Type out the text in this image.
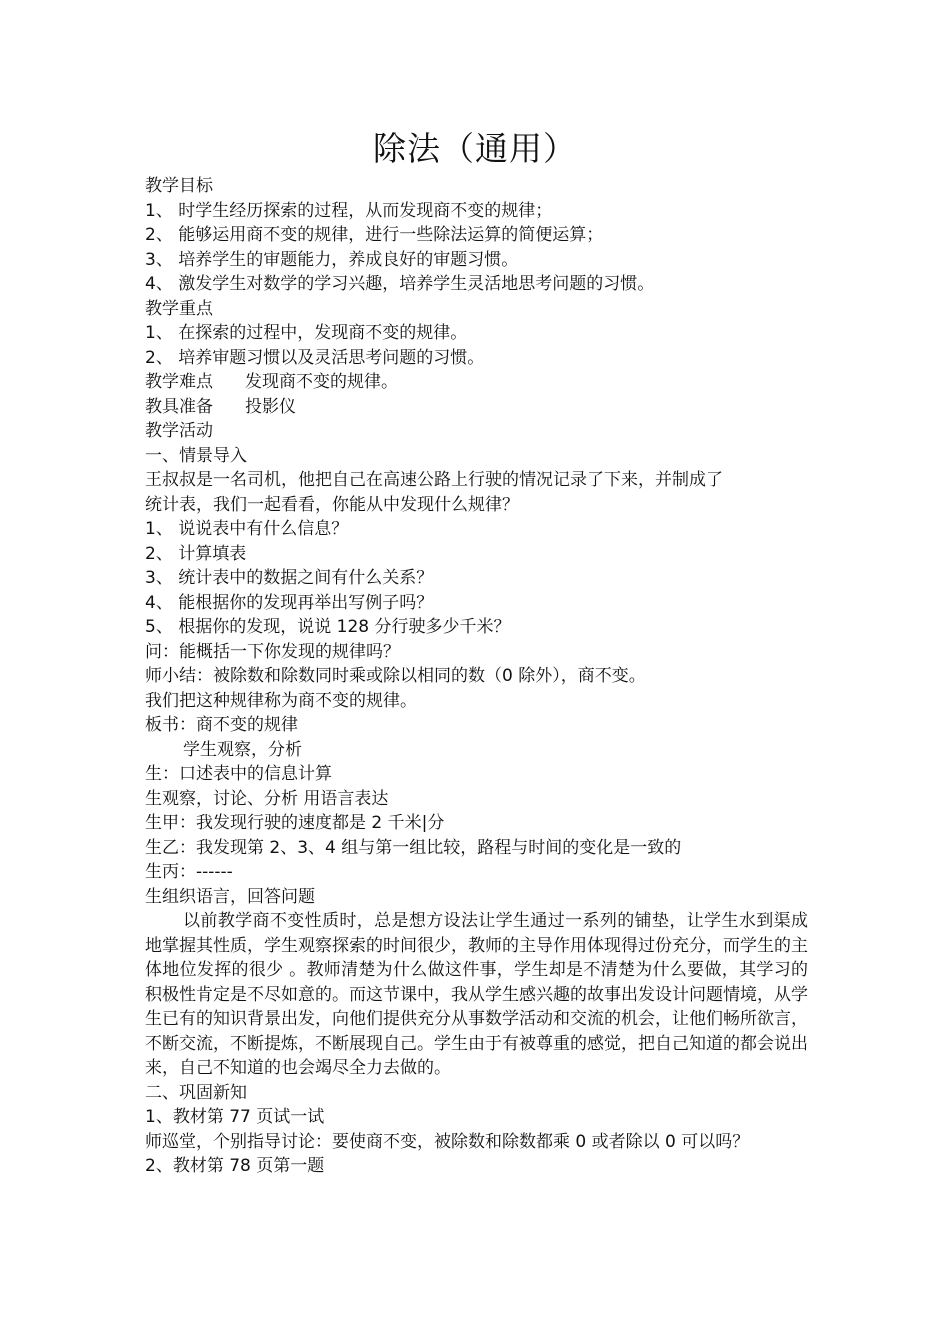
除法（通用）
教学目标
1、 时学生经历探索的过程，从而发现商不变的规律；
2、 能够运用商不变的规律，进行一些除法运算的简便运算；
3、 培养学生的审题能力，养成良好的审题习惯。
4、 激发学生对数学的学习兴趣，培养学生灵活地思考问题的习惯。
教学重点
1、 在探索的过程中，发现商不变的规律。
2、 培养审题习惯以及灵活思考问题的习惯。
教学难点	发现商不变的规律。
教具准备	投影仪
教学活动
一、情景导入
王叔叔是一名司机，他把自己在高速公路上行驶的情况记录了下来，并制成了
统计表，我们一起看看，你能从中发现什么规律？
1、 说说表中有什么信息？
2、 计算填表
3、 统计表中的数据之间有什么关系？
4、 能根据你的发现再举出写例子吗？
5、 根据你的发现，说说 128 分行驶多少千米？
问：能概括一下你发现的规律吗？
师小结：被除数和除数同时乘或除以相同的数（0 除外），商不变。
我们把这种规律称为商不变的规律。
板书：商不变的规律
学生观察，分析
生：口述表中的信息计算
生观察，讨论、分析 用语言表达
生甲：我发现行驶的速度都是 2 千米|分
生乙：我发现第 2、3、4 组与第一组比较，路程与时间的变化是一致的
生丙：------
生组织语言，回答问题
以前教学商不变性质时，总是想方设法让学生通过一系列的铺垫，让学生水到渠成地掌握其性质，学生观察探索的时间很少，教师的主导作用体现得过份充分，而学生的主体地位发挥的很少 。教师清楚为什么做这件事，学生却是不清楚为什么要做，其学习的积极性肯定是不尽如意的。而这节课中，我从学生感兴趣的故事出发设计问题情境，从学生已有的知识背景出发，向他们提供充分从事数学活动和交流的机会，让他们畅所欲言，不断交流，不断提炼，不断展现自己。学生由于有被尊重的感觉，把自己知道的都会说出来，自己不知道的也会竭尽全力去做的。
二、巩固新知
1、教材第 77 页试一试
师巡堂，个别指导讨论：要使商不变，被除数和除数都乘 0 或者除以 0 可以吗？
2、教材第 78 页第一题
